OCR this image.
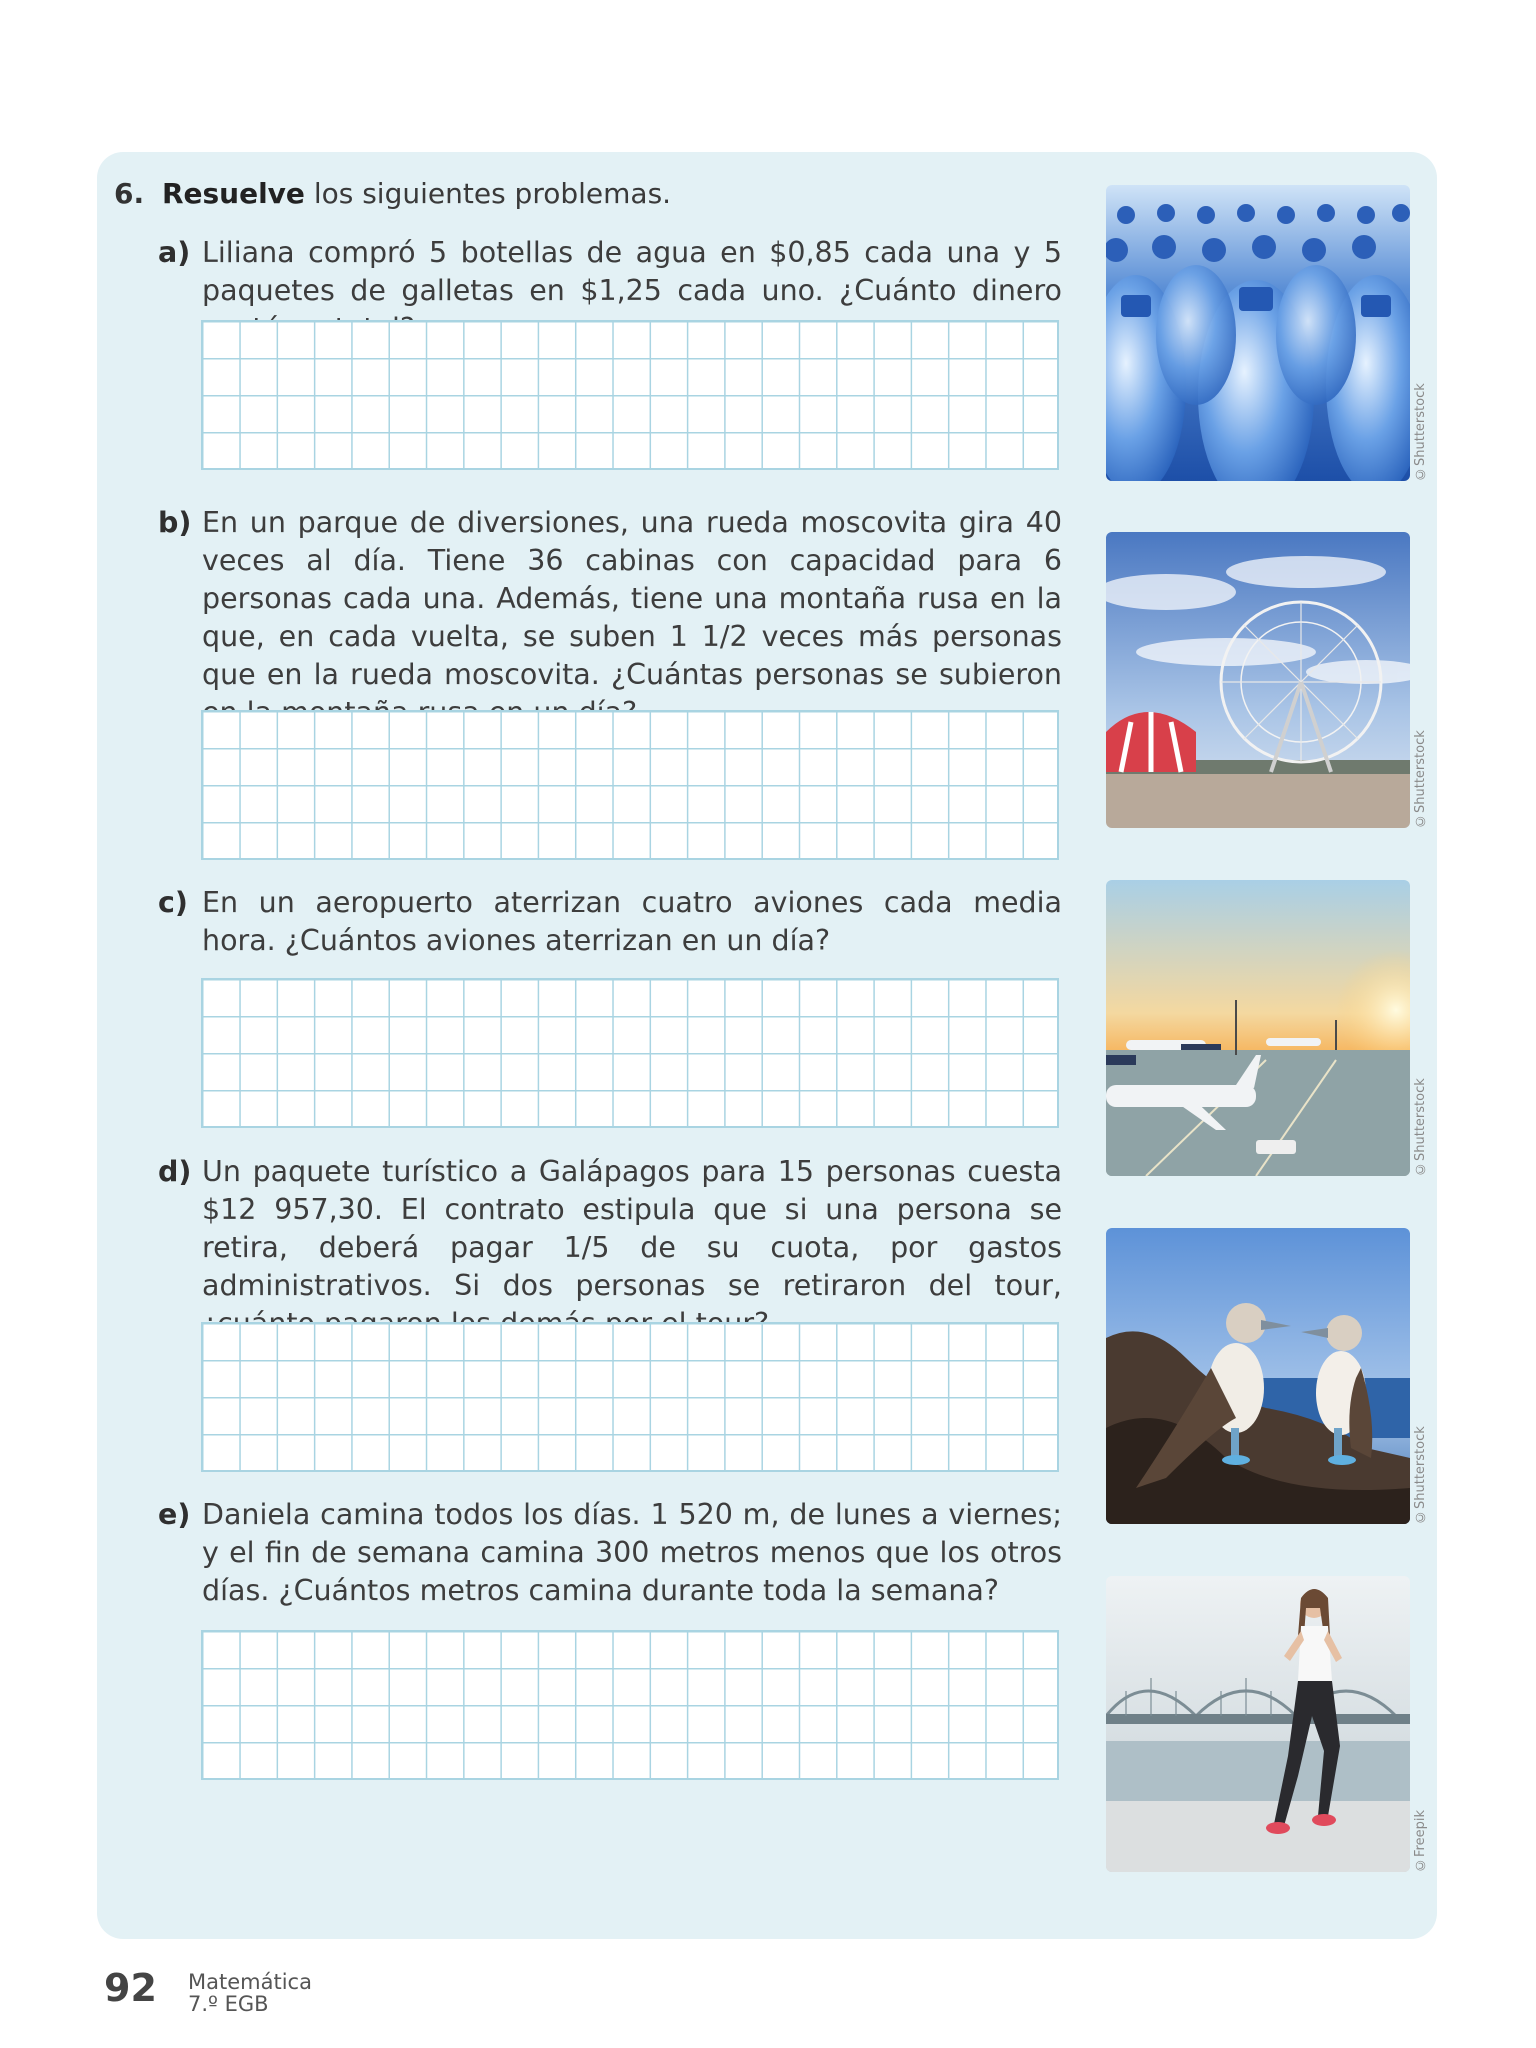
6. Resuelve los siguientes problemas.
a) Liliana compró 5 botellas de agua en $0,85 cada una y 5 paquetes de galletas en $1,25 cada uno. ¿Cuánto dinero
b) En un parque de diversiones, una rueda moscovita gira 40 veces al día. Tiene 36 cabinas con capacidad para 6 personas cada una. Además, tiene una montaña rusa en la que, en cada vuelta, se suben 1 1/2 veces más personas que en la rueda moscovita. ¿Cuántas personas se subieron
c) En un aeropuerto aterrizan cuatro aviones cada media hora. ¿Cuántos aviones aterrizan en un día?
d) Un paquete turístico a Galápagos para 15 personas cuesta $12 957,30. El contrato estipula que si una persona se retira, deberá pagar 1/5 de su cuota, por gastos administrativos. Si dos personas se retiraron del tour,
e) Daniela camina todos los días. 1 520 m, de lunes a viernes; y el fin de semana camina 300 metros menos que los otros días. ¿Cuántos metros camina durante toda la semana?
©Shutterstock
©Shutterstock
©Shutterstock
©Shutterstock
©Freepik
92 Matemática
7.º EGB
